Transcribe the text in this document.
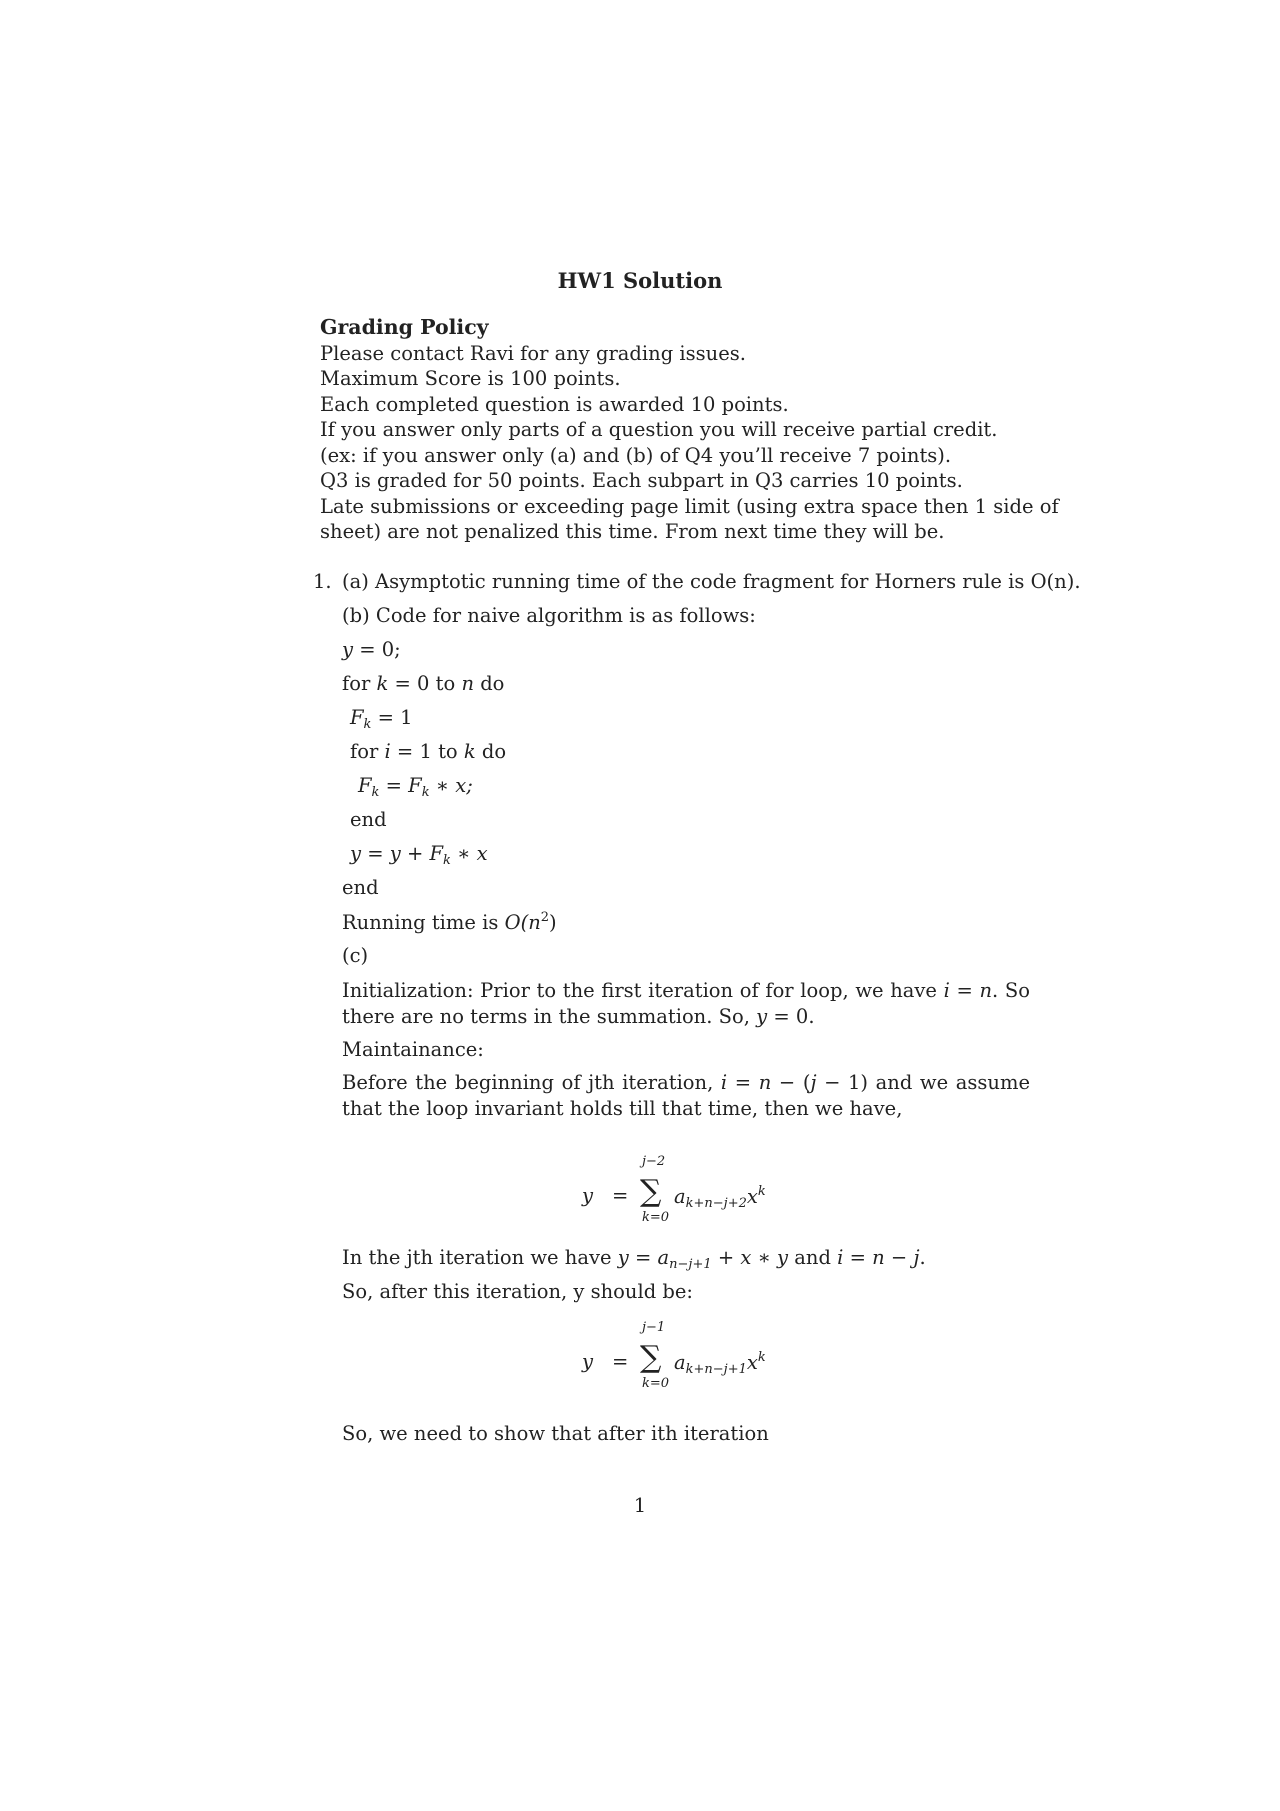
HW1 Solution
Grading Policy
Please contact Ravi for any grading issues.
Maximum Score is 100 points.
Each completed question is awarded 10 points.
If you answer only parts of a question you will receive partial credit.
(ex: if you answer only (a) and (b) of Q4 you’ll receive 7 points).
Q3 is graded for 50 points. Each subpart in Q3 carries 10 points.
Late submissions or exceeding page limit (using extra space then 1 side of
sheet) are not penalized this time. From next time they will be.
1. (a) Asymptotic running time of the code fragment for Horners rule is O(n).
(b) Code for naive algorithm is as follows:
y = 0;
for k = 0 to n do
$F_k = 1$
for i = 1 to k do
$F_k = F_k$ ∗ x;
end
$y = y + F_k$ ∗ x
end
Running time is $O(n^2)$
(c)
Initialization: Prior to the first iteration of for loop, we have i = n. So there are no terms in the summation. So, y = 0.
Maintainance:
Before the beginning of jth iteration, i = n − (j − 1) and we assume that the loop invariant holds till that time, then we have,
y =
j−2
∑
k=0
$a_{k+n-j+2}x^k$
In the jth iteration we have $y = a_{n-j+1} + x$ ∗ y and i = n − j.
So, after this iteration, y should be:
y =
j−1
∑
k=0
$a_{k+n-j+1}x^k$
So, we need to show that after ith iteration
1
